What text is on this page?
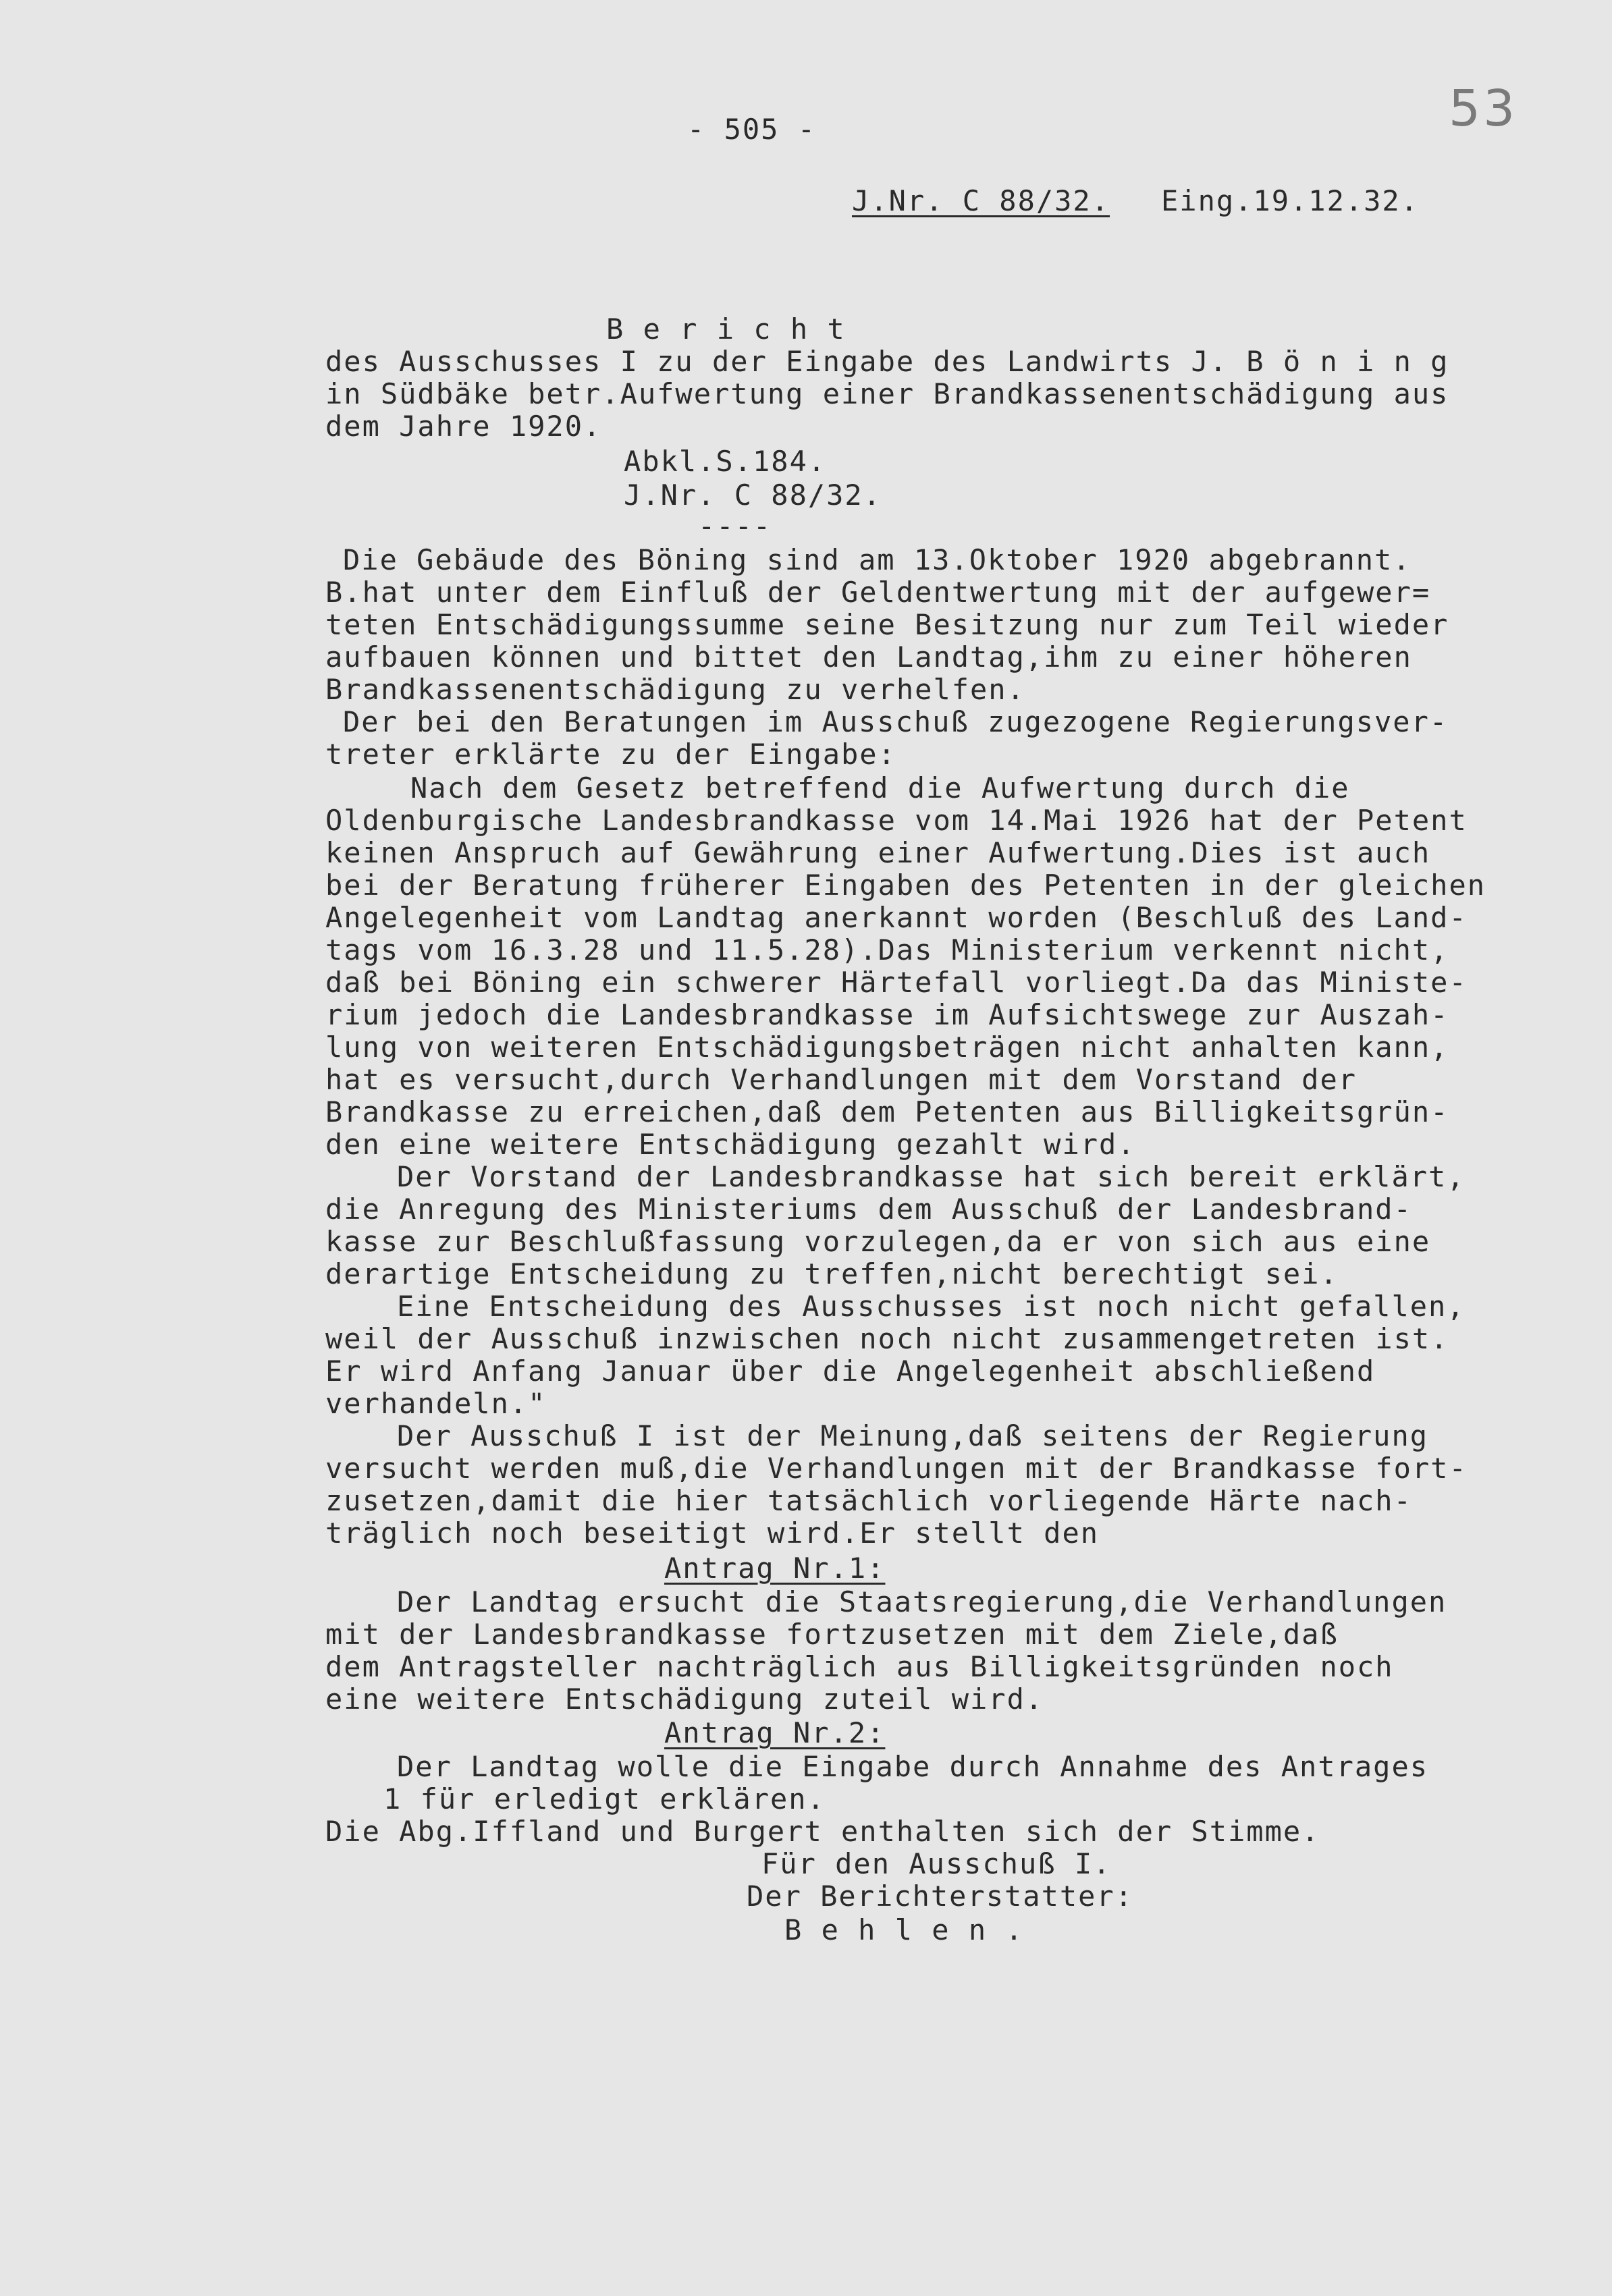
- 505 -	53
J.Nr. C 88/32. Eing.19.12.32.
B e r i c h t
des Ausschusses I zu der Eingabe des Landwirts J. B ö n i n g
in Südbäke betr.Aufwertung einer Brandkassenentschädigung aus
dem Jahre 1920.
Abkl.S.184.
J.Nr. C 88/32.
----
Die Gebäude des Böning sind am 13.Oktober 1920 abgebrannt.
B.hat unter dem Einfluß der Geldentwertung mit der aufgewer=
teten Entschädigungssumme seine Besitzung nur zum Teil wieder
aufbauen können und bittet den Landtag,ihm zu einer höheren
Brandkassenentschädigung zu verhelfen.
Der bei den Beratungen im Ausschuß zugezogene Regierungsver-
treter erklärte zu der Eingabe:
Nach dem Gesetz betreffend die Aufwertung durch die
Oldenburgische Landesbrandkasse vom 14.Mai 1926 hat der Petent
keinen Anspruch auf Gewährung einer Aufwertung.Dies ist auch
bei der Beratung früherer Eingaben des Petenten in der gleichen
Angelegenheit vom Landtag anerkannt worden (Beschluß des Land-
tags vom 16.3.28 und 11.5.28).Das Ministerium verkennt nicht,
daß bei Böning ein schwerer Härtefall vorliegt.Da das Ministe-
rium jedoch die Landesbrandkasse im Aufsichtswege zur Auszah-
lung von weiteren Entschädigungsbeträgen nicht anhalten kann,
hat es versucht,durch Verhandlungen mit dem Vorstand der
Brandkasse zu erreichen,daß dem Petenten aus Billigkeitsgrün-
den eine weitere Entschädigung gezahlt wird.
Der Vorstand der Landesbrandkasse hat sich bereit erklärt,
die Anregung des Ministeriums dem Ausschuß der Landesbrand-
kasse zur Beschlußfassung vorzulegen,da er von sich aus eine
derartige Entscheidung zu treffen,nicht berechtigt sei.
Eine Entscheidung des Ausschusses ist noch nicht gefallen,
weil der Ausschuß inzwischen noch nicht zusammengetreten ist.
Er wird Anfang Januar über die Angelegenheit abschließend
verhandeln."
Der Ausschuß I ist der Meinung,daß seitens der Regierung
versucht werden muß,die Verhandlungen mit der Brandkasse fort-
zusetzen,damit die hier tatsächlich vorliegende Härte nach-
träglich noch beseitigt wird.Er stellt den
Antrag Nr.1:
Der Landtag ersucht die Staatsregierung,die Verhandlungen
mit der Landesbrandkasse fortzusetzen mit dem Ziele,daß
dem Antragsteller nachträglich aus Billigkeitsgründen noch
eine weitere Entschädigung zuteil wird.
Antrag Nr.2:
Der Landtag wolle die Eingabe durch Annahme des Antrages
1 für erledigt erklären.
Die Abg.Iffland und Burgert enthalten sich der Stimme.
Für den Ausschuß I.
Der Berichterstatter:
B e h l e n .
